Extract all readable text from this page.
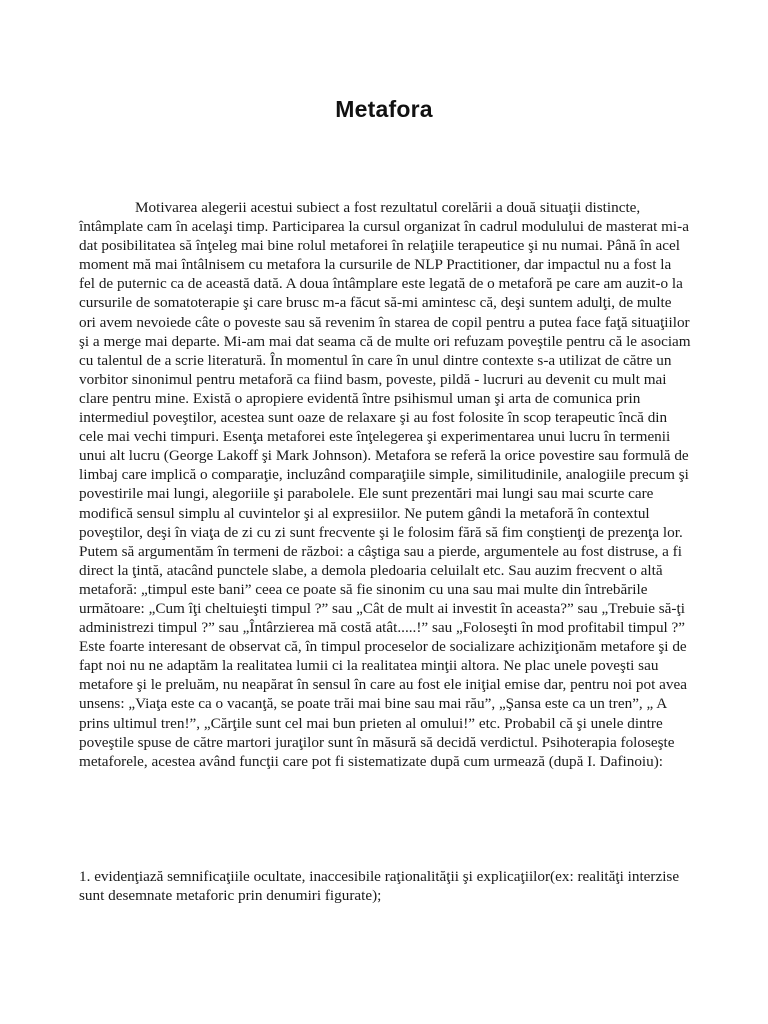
Metafora

Motivarea alegerii acestui subiect a fost rezultatul corelării a două situaţii distincte, întâmplate cam în acelaşi timp. Participarea la cursul organizat în cadrul modulului de masterat mi-a dat posibilitatea să înţeleg mai bine rolul metaforei în relaţiile terapeutice şi nu numai. Până în acel moment mă mai întâlnisem cu metafora la cursurile de NLP Practitioner, dar impactul nu a fost la fel de puternic ca de această dată. A doua întâmplare este legată de o metaforă pe care am auzit-o la cursurile de somatoterapie şi care brusc m-a făcut să-mi amintesc că, deşi suntem adulţi, de multe ori avem nevoiede câte o poveste sau să revenim în starea de copil pentru a putea face faţă situaţiilor şi a merge mai departe. Mi-am mai dat seama că de multe ori refuzam poveştile pentru că le asociam cu talentul de a scrie literatură. În momentul în care în unul dintre contexte s-a utilizat de către un vorbitor sinonimul pentru metaforă ca fiind basm, poveste, pildă - lucruri au devenit cu mult mai clare pentru mine. Există o apropiere evidentă între psihismul uman şi arta de comunica prin intermediul poveştilor, acestea sunt oaze de relaxare şi au fost folosite în scop terapeutic încă din cele mai vechi timpuri. Esenţa metaforei este înţelegerea şi experimentarea unui lucru în termenii unui alt lucru (George Lakoff şi Mark Johnson). Metafora se referă la orice povestire sau formulă de limbaj care implică o comparaţie, incluzând comparaţiile simple, similitudinile, analogiile precum şi povestirile mai lungi, alegoriile şi parabolele. Ele sunt prezentări mai lungi sau mai scurte care modifică sensul simplu al cuvintelor şi al expresiilor. Ne putem gândi la metaforă în contextul poveştilor, deşi în viaţa de zi cu zi sunt frecvente şi le folosim fără să fim conştienţi de prezenţa lor. Putem să argumentăm în termeni de război: a câştiga sau a pierde, argumentele au fost distruse, a fi direct la ţintă, atacând punctele slabe, a demola pledoaria celuilalt etc. Sau auzim frecvent o altă metaforă: „timpul este bani” ceea ce poate să fie sinonim cu una sau mai multe din întrebările următoare: „Cum îţi cheltuieşti timpul ?” sau „Cât de mult ai investit în aceasta?” sau „Trebuie să-ţi administrezi timpul ?” sau „Întârzierea mă costă atât.....!” sau „Foloseşti în mod profitabil timpul ?” Este foarte interesant de observat că, în timpul proceselor de socializare achiziţionăm metafore şi de fapt noi nu ne adaptăm la realitatea lumii ci la realitatea minţii altora. Ne plac unele poveşti sau metafore şi le preluăm, nu neapărat în sensul în care au fost ele iniţial emise dar, pentru noi pot avea unsens: „Viaţa este ca o vacanţă, se poate trăi mai bine sau mai rău”, „Şansa este ca un tren”, „ A prins ultimul tren!”, „Cărţile sunt cel mai bun prieten al omului!” etc. Probabil că şi unele dintre poveştile spuse de către martori juraţilor sunt în măsură să decidă verdictul. Psihoterapia foloseşte metaforele, acestea având funcţii care pot fi sistematizate după cum urmează (după I. Dafinoiu):

1. evidenţiază semnificaţiile ocultate, inaccesibile raţionalităţii şi explicaţiilor(ex: realităţi interzise sunt desemnate metaforic prin denumiri figurate);
